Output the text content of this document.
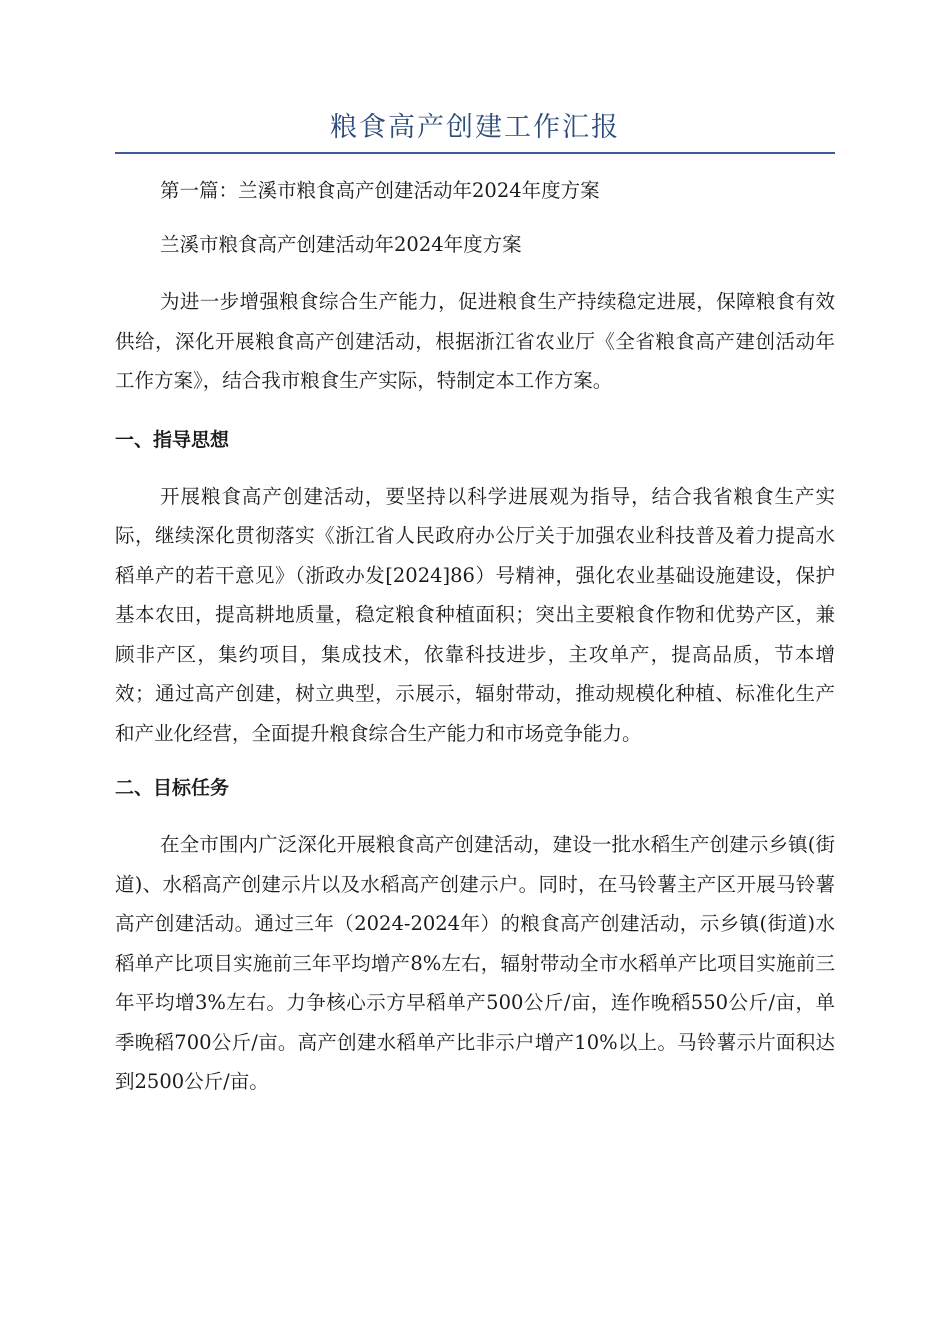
粮食高产创建工作汇报

第一篇：兰溪市粮食高产创建活动年2024年度方案

兰溪市粮食高产创建活动年2024年度方案

为进一步增强粮食综合生产能力，促进粮食生产持续稳定进展，保障粮食有效供给，深化开展粮食高产创建活动，根据浙江省农业厅《全省粮食高产建创活动年工作方案》，结合我市粮食生产实际，特制定本工作方案。

一、指导思想

开展粮食高产创建活动，要坚持以科学进展观为指导，结合我省粮食生产实际，继续深化贯彻落实《浙江省人民政府办公厅关于加强农业科技普及着力提高水稻单产的若干意见》（浙政办发[2024]86）号精神，强化农业基础设施建设，保护基本农田，提高耕地质量，稳定粮食种植面积；突出主要粮食作物和优势产区，兼顾非产区，集约项目，集成技术，依靠科技进步，主攻单产，提高品质，节本增效；通过高产创建，树立典型，示展示，辐射带动，推动规模化种植、标准化生产和产业化经营，全面提升粮食综合生产能力和市场竞争能力。

二、目标任务

在全市围内广泛深化开展粮食高产创建活动，建设一批水稻生产创建示乡镇(街道)、水稻高产创建示片以及水稻高产创建示户。同时，在马铃薯主产区开展马铃薯高产创建活动。通过三年（2024-2024年）的粮食高产创建活动，示乡镇(街道)水稻单产比项目实施前三年平均增产8%左右，辐射带动全市水稻单产比项目实施前三年平均增3%左右。力争核心示方早稻单产500公斤/亩，连作晚稻550公斤/亩，单季晚稻700公斤/亩。高产创建水稻单产比非示户增产10%以上。马铃薯示片面积达到2500公斤/亩。
